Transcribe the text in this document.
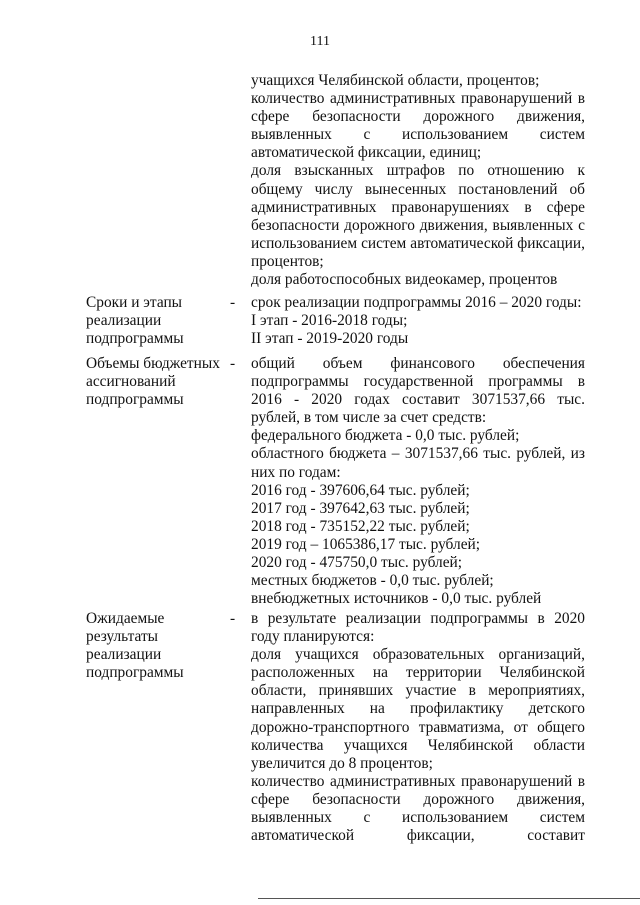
111

учащихся Челябинской области, процентов;

количество административных правонарушений в сфере безопасности дорожного движения, выявленных с использованием систем автоматической фиксации, единиц;

доля взысканных штрафов по отношению к общему числу вынесенных постановлений об административных правонарушениях в сфере безопасности дорожного движения, выявленных с использованием систем автоматической фиксации, процентов;

доля работоспособных видеокамер, процентов

Сроки и этапы
реализации
подпрограммы

- срок реализации подпрограммы 2016 – 2020 годы:

I этап - 2016-2018 годы;

II этап - 2019-2020 годы

Объемы бюджетных
ассигнований
подпрограммы

- общий объем финансового обеспечения подпрограммы государственной программы в 2016 - 2020 годах составит 3071537,66 тыс. рублей, в том числе за счет средств:

федерального бюджета - 0,0 тыс. рублей;

областного бюджета – 3071537,66 тыс. рублей, из них по годам:

2016 год - 397606,64 тыс. рублей;

2017 год - 397642,63 тыс. рублей;

2018 год - 735152,22 тыс. рублей;

2019 год – 1065386,17 тыс. рублей;

2020 год - 475750,0 тыс. рублей;

местных бюджетов - 0,0 тыс. рублей;

внебюджетных источников - 0,0 тыс. рублей

Ожидаемые
результаты
реализации
подпрограммы

- в результате реализации подпрограммы в 2020 году планируются:

доля учащихся образовательных организаций, расположенных на территории Челябинской области, принявших участие в мероприятиях, направленных на профилактику детского дорожно-транспортного травматизма, от общего количества учащихся Челябинской области увеличится до 8 процентов;

количество административных правонарушений в сфере безопасности дорожного движения, выявленных с использованием систем автоматической фиксации, составит
